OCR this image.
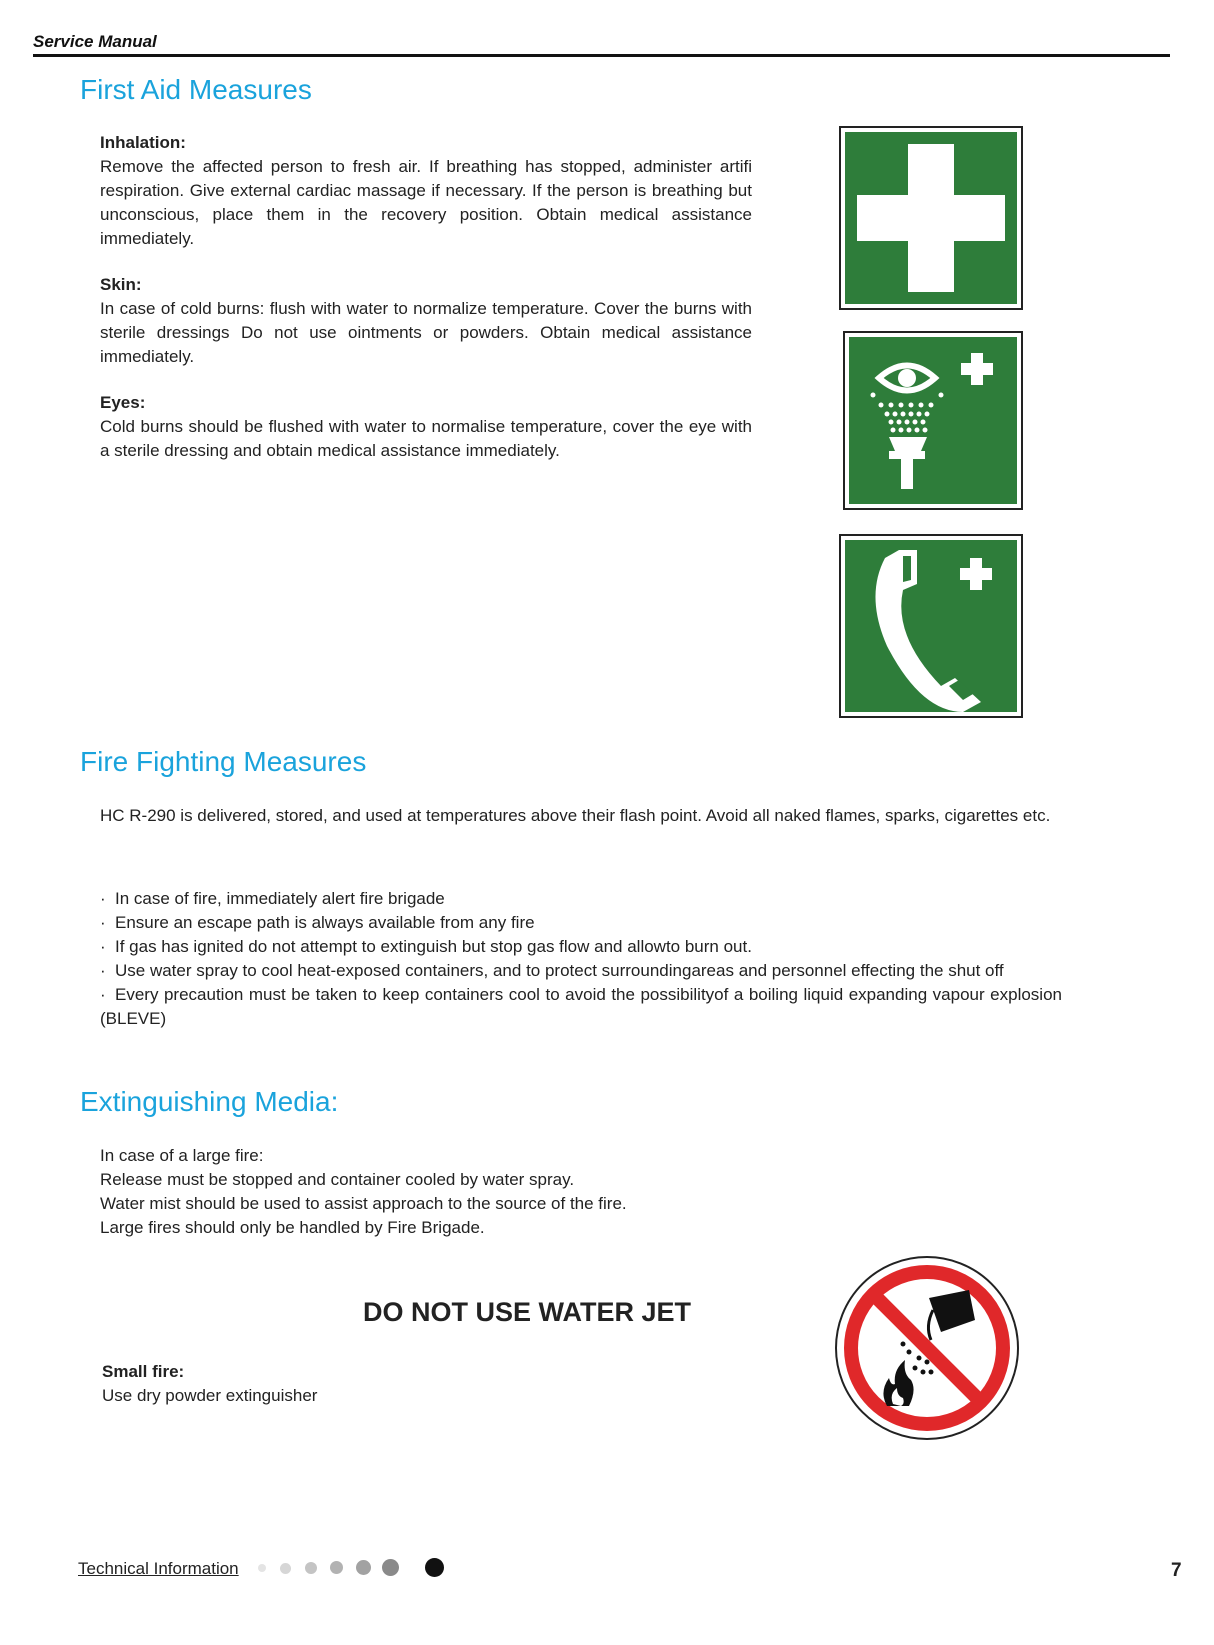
Service Manual
First Aid Measures

Inhalation:
Remove the affected person to fresh air. If breathing has stopped, administer artifi respiration. Give external cardiac massage if necessary. If the person is breathing but unconscious, place them in the recovery position. Obtain medical assistance immediately.

Skin:
In case of cold burns: flush with water to normalize temperature. Cover the burns with sterile dressings Do not use ointments or powders. Obtain medical assistance immediately.

Eyes:
Cold burns should be flushed with water to normalise temperature, cover the eye with a sterile dressing and obtain medical assistance immediately.

Fire Fighting Measures

HC R-290 is delivered, stored, and used at temperatures above their flash point. Avoid all naked flames, sparks, cigarettes etc.

· In case of fire, immediately alert fire brigade
· Ensure an escape path is always available from any fire
· If gas has ignited do not attempt to extinguish but stop gas flow and allowto burn out.
· Use water spray to cool heat-exposed containers, and to protect surroundingareas and personnel effecting the shut off
· Every precaution must be taken to keep containers cool to avoid the possibilityof a boiling liquid expanding vapour explosion (BLEVE)
Extinguishing Media:

In case of a large fire:

Release must be stopped and container cooled by water spray.

Water mist should be used to assist approach to the source of the fire.

Large fires should only be handled by Fire Brigade.

DO NOT USE WATER JET
Small fire:
Use dry powder extinguisher
Technical Information	7
